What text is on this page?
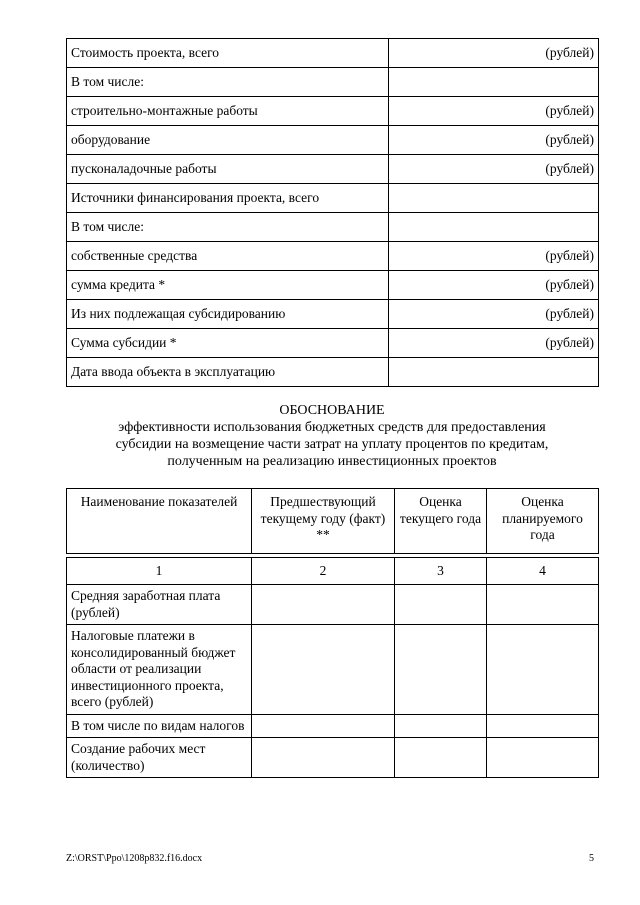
Стоимость проекта, всего	(рублей)
В том числе:	
строительно-монтажные работы	(рублей)
оборудование	(рублей)
пусконаладочные работы	(рублей)
Источники финансирования проекта, всего	
В том числе:	
собственные средства	(рублей)
сумма кредита *	(рублей)
Из них подлежащая субсидированию	(рублей)
Сумма субсидии *	(рублей)
Дата ввода объекта в эксплуатацию	
ОБОСНОВАНИЕ
эффективности использования бюджетных средств для предоставления
субсидии на возмещение части затрат на уплату процентов по кредитам,
полученным на реализацию инвестиционных проектов
Наименование показателей	Предшествующий текущему году (факт) **	Оценка текущего года	Оценка планируемого года

1	2	3	4
Средняя заработная плата (рублей)			
Налоговые платежи в консолидированный бюджет области от реализации инвестиционного проекта, всего (рублей)			
В том числе по видам налогов			
Создание рабочих мест (количество)			
Z:\ORST\Ppo\1208p832.f16.docx	5
